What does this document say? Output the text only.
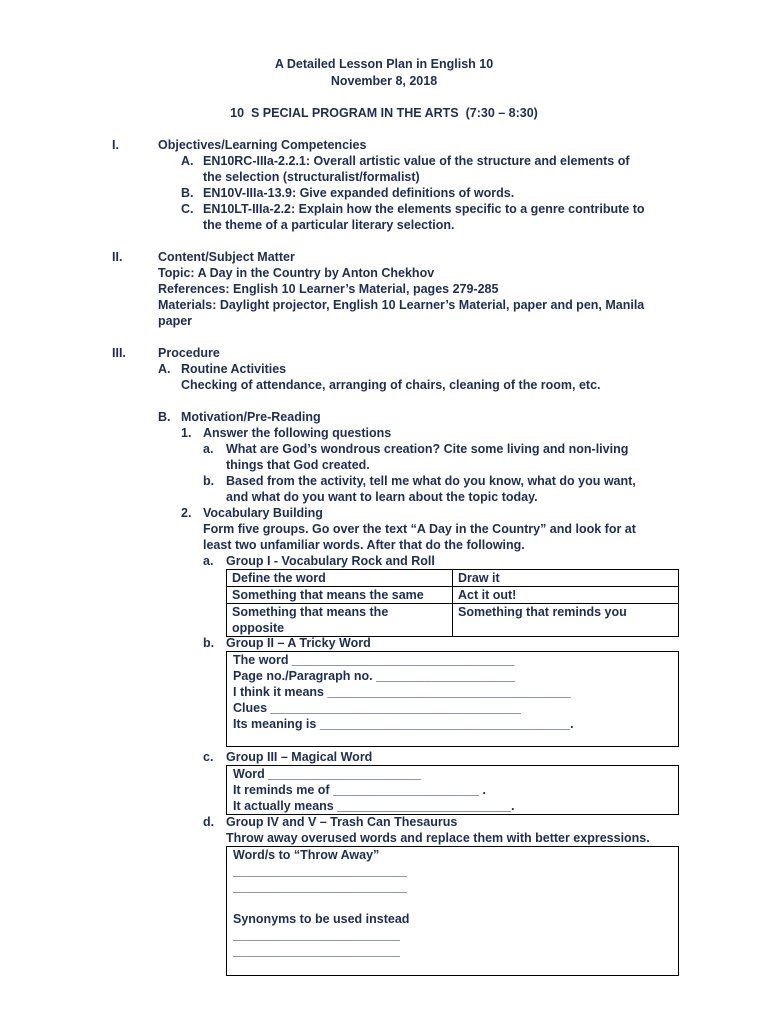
A Detailed Lesson Plan in English 10
November 8, 2018
10  S PECIAL PROGRAM IN THE ARTS  (7:30 – 8:30)
I.	Objectives/Learning Competencies
A. EN10RC-IIIa-2.2.1: Overall artistic value of the structure and elements of
the selection (structuralist/formalist)
B. EN10V-IIIa-13.9: Give expanded definitions of words.
C. EN10LT-IIIa-2.2: Explain how the elements specific to a genre contribute to
the theme of a particular literary selection.
II.	Content/Subject Matter
Topic: A Day in the Country by Anton Chekhov
References: English 10 Learner’s Material, pages 279-285
Materials: Daylight projector, English 10 Learner’s Material, paper and pen, Manila
paper
III.	Procedure
A. Routine Activities
Checking of attendance, arranging of chairs, cleaning of the room, etc.
B. Motivation/Pre-Reading
1. Answer the following questions
a. What are God’s wondrous creation? Cite some living and non-living
things that God created.
b. Based from the activity, tell me what do you know, what do you want,
and what do you want to learn about the topic today.
2. Vocabulary Building
Form five groups. Go over the text “A Day in the Country” and look for at
least two unfamiliar words. After that do the following.
a. Group I - Vocabulary Rock and Roll
Define the word	Draw it
Something that means the same	Act it out!
Something that means the
opposite	Something that reminds you
b. Group II – A Tricky Word
The word ________________________________
Page no./Paragraph no. ____________________
I think it means ___________________________________
Clues ____________________________________
Its meaning is ____________________________________.
c. Group III – Magical Word
Word ______________________
It reminds me of _____________________ .
It actually means _________________________.
d. Group IV and V – Trash Can Thesaurus
Throw away overused words and replace them with better expressions.
Word/s to “Throw Away”
_________________________
_________________________
Synonyms to be used instead
________________________
________________________
